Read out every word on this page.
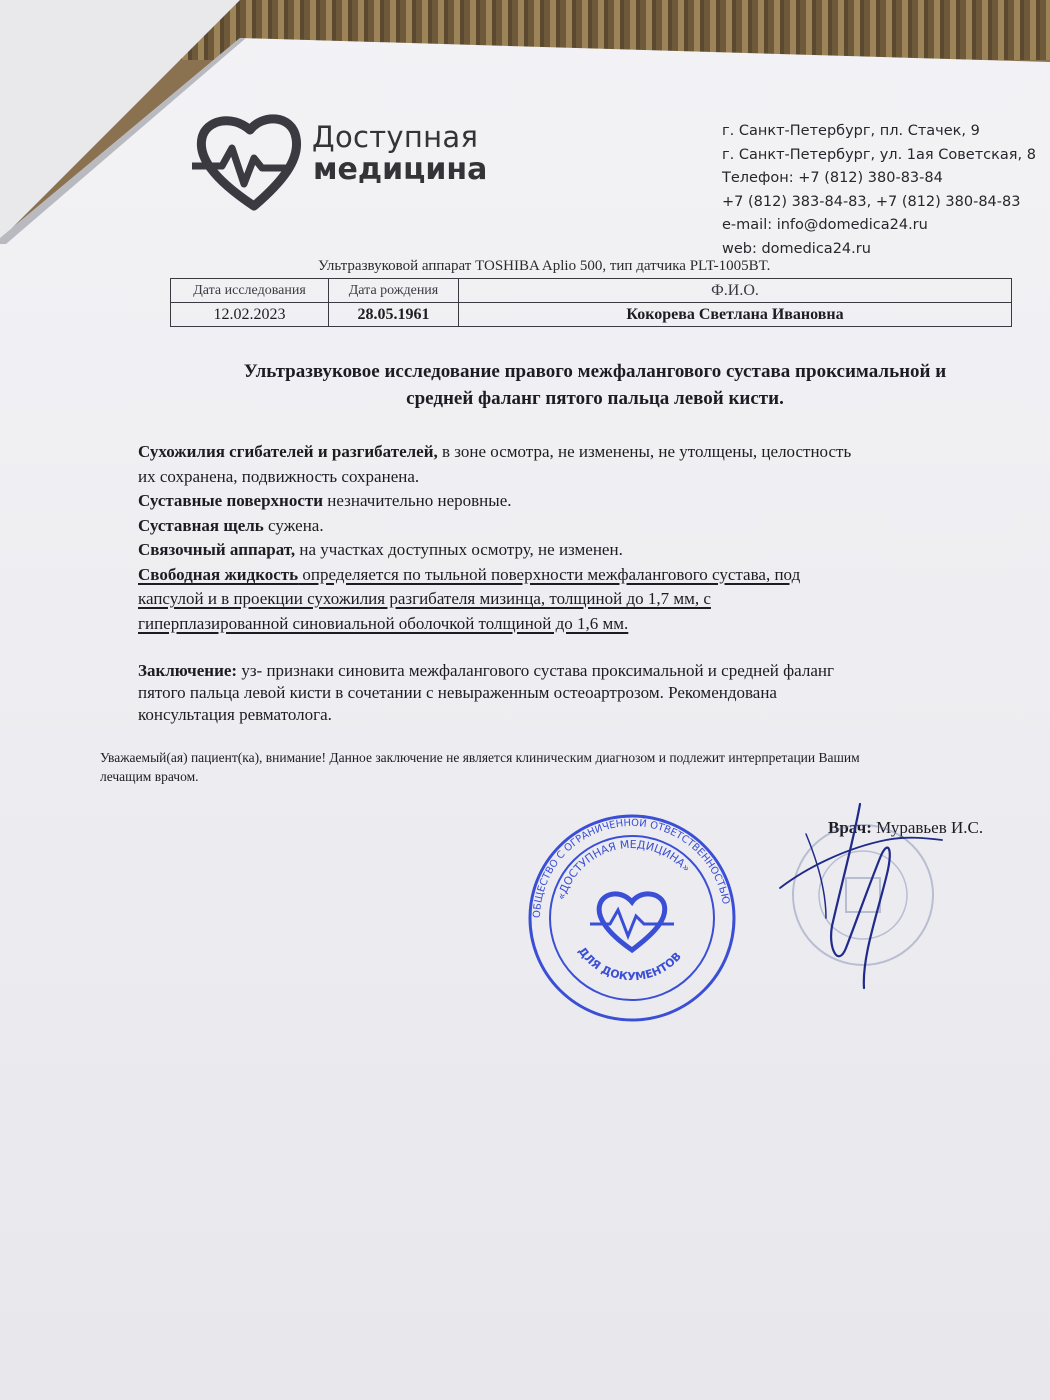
Доступная
медицина
г. Санкт-Петербург, пл. Стачек, 9
г. Санкт-Петербург, ул. 1ая Советская, 8
Телефон: +7 (812) 380-83-84
+7 (812) 383-84-83, +7 (812) 380-84-83
e-mail: info@domedica24.ru
web: domedica24.ru
Ультразвуковой аппарат TOSHIBA Aplio 500, тип датчика PLT-1005BT.
Дата исследования	Дата рождения	Ф.И.О.
12.02.2023	28.05.1961	Кокорева Светлана Ивановна
Ультразвуковое исследование правого межфалангового сустава проксимальной и
средней фаланг пятого пальца левой кисти.

Сухожилия сгибателей и разгибателей, в зоне осмотра, не изменены, не утолщены, целостность

их сохранена, подвижность сохранена.

Суставные поверхности незначительно неровные.

Суставная щель сужена.

Связочный аппарат, на участках доступных осмотру, не изменен.

Свободная жидкость определяется по тыльной поверхности межфалангового сустава, под

капсулой и в проекции сухожилия разгибателя мизинца, толщиной до 1,7 мм, с

гиперплазированной синовиальной оболочкой толщиной до 1,6 мм.

Заключение: уз- признаки синовита межфалангового сустава проксимальной и средней фаланг

пятого пальца левой кисти в сочетании с невыраженным остеоартрозом. Рекомендована

консультация ревматолога.

Уважаемый(ая) пациент(ка), внимание! Данное заключение не является клиническим диагнозом и подлежит интерпретации Вашим
лечащим врачом.
Врач: Муравьев И.С.
ОБЩЕСТВО С ОГРАНИЧЕННОЙ ОТВЕТСТВЕННОСТЬЮ
«ДОСТУПНАЯ МЕДИЦИНА»
ДЛЯ ДОКУМЕНТОВ
